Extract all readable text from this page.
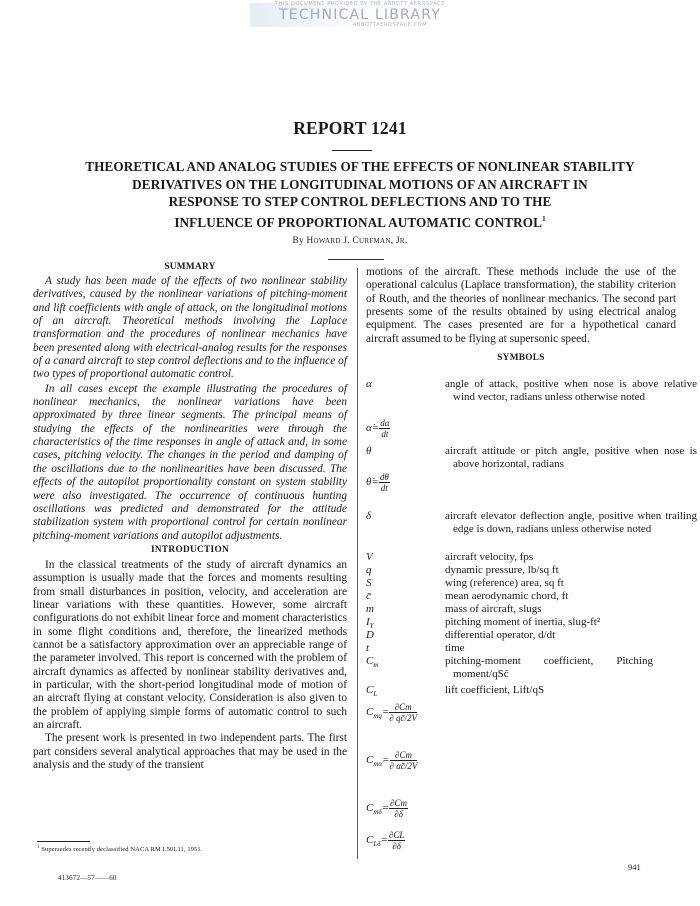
THIS DOCUMENT PROVIDED BY THE ABBOTT AEROSPACE
TECHNICAL LIBRARY
ABBOTTAEROSPACE.COM
REPORT 1241
THEORETICAL AND ANALOG STUDIES OF THE EFFECTS OF NONLINEAR STABILITY
DERIVATIVES ON THE LONGITUDINAL MOTIONS OF AN AIRCRAFT IN
RESPONSE TO STEP CONTROL DEFLECTIONS AND TO THE
INFLUENCE OF PROPORTIONAL AUTOMATIC CONTROL$^1$
By Howard J. Curfman, Jr.
SUMMARY

A study has been made of the effects of two nonlinear stability derivatives, caused by the nonlinear variations of pitching-moment and lift coefficients with angle of attack, on the longitudinal motions of an aircraft. Theoretical methods involving the Laplace transformation and the procedures of nonlinear mechanics have been presented along with electrical-analog results for the responses of a canard aircraft to step control deflections and to the influence of two types of proportional automatic control.

In all cases except the example illustrating the procedures of nonlinear mechanics, the nonlinear variations have been approximated by three linear segments. The principal means of studying the effects of the nonlinearities were through the characteristics of the time responses in angle of attack and, in some cases, pitching velocity. The changes in the period and damping of the oscillations due to the nonlinearities have been discussed. The effects of the autopilot proportionality constant on system stability were also investigated. The occurrence of continuous hunting oscillations was predicted and demonstrated for the attitude stabilization system with proportional control for certain nonlinear pitching-moment variations and autopilot adjustments.

INTRODUCTION

In the classical treatments of the study of aircraft dynamics an assumption is usually made that the forces and moments resulting from small disturbances in position, velocity, and acceleration are linear variations with these quantities. However, some aircraft configurations do not exhibit linear force and moment characteristics in some flight conditions and, therefore, the linearized methods cannot be a satisfactory approximation over an appreciable range of the parameter involved. This report is concerned with the problem of aircraft dynamics as affected by nonlinear stability derivatives and, in particular, with the short-period longitudinal mode of motion of an aircraft flying at constant velocity. Consideration is also given to the problem of applying simple forms of automatic control to such an aircraft.

The present work is presented in two independent parts. The first part considers several analytical approaches that may be used in the analysis and the study of the transient

motions of the aircraft. These methods include the use of the operational calculus (Laplace transformation), the stability criterion of Routh, and the theories of nonlinear mechanics. The second part presents some of the results obtained by using electrical analog equipment. The cases presented are for a hypothetical canard aircraft assumed to be flying at supersonic speed.

SYMBOLS
α	angle of attack, positive when nose is above relative wind vector, radians unless otherwise noted
α̇= $\frac{d\alpha}{dt}$
θ	aircraft attitude or pitch angle, positive when nose is above horizontal, radians
θ̇= $\frac{d\theta}{dt}$
δ	aircraft elevator deflection angle, positive when trailing edge is down, radians unless otherwise noted
V	aircraft velocity, fps
q	dynamic pressure, lb/sq ft
S	wing (reference) area, sq ft
c̄	mean aerodynamic chord, ft
m	mass of aircraft, slugs
$I_Y$	pitching moment of inertia, slug-ft²
D	differential operator, d/dt
t	time
$C_m$	pitching-moment coefficient, Pitching moment/qSc̄
$C_L$	lift coefficient, Lift/qS
$C_{mq}= \frac{\partial Cm}{\partial qc̄/2V}$
$C_{m\alphȧ}= \frac{\partial Cm}{\partial \alphȧc̄/2V}$
$C_{m\delta}= \frac{\partial Cm}{\partial\delta}$
$C_{L\delta}= \frac{\partial CL}{\partial\delta}$
$^1$ Supersedes recently declassified NACA RM L50L11, 1951.
413672—57——60
941
